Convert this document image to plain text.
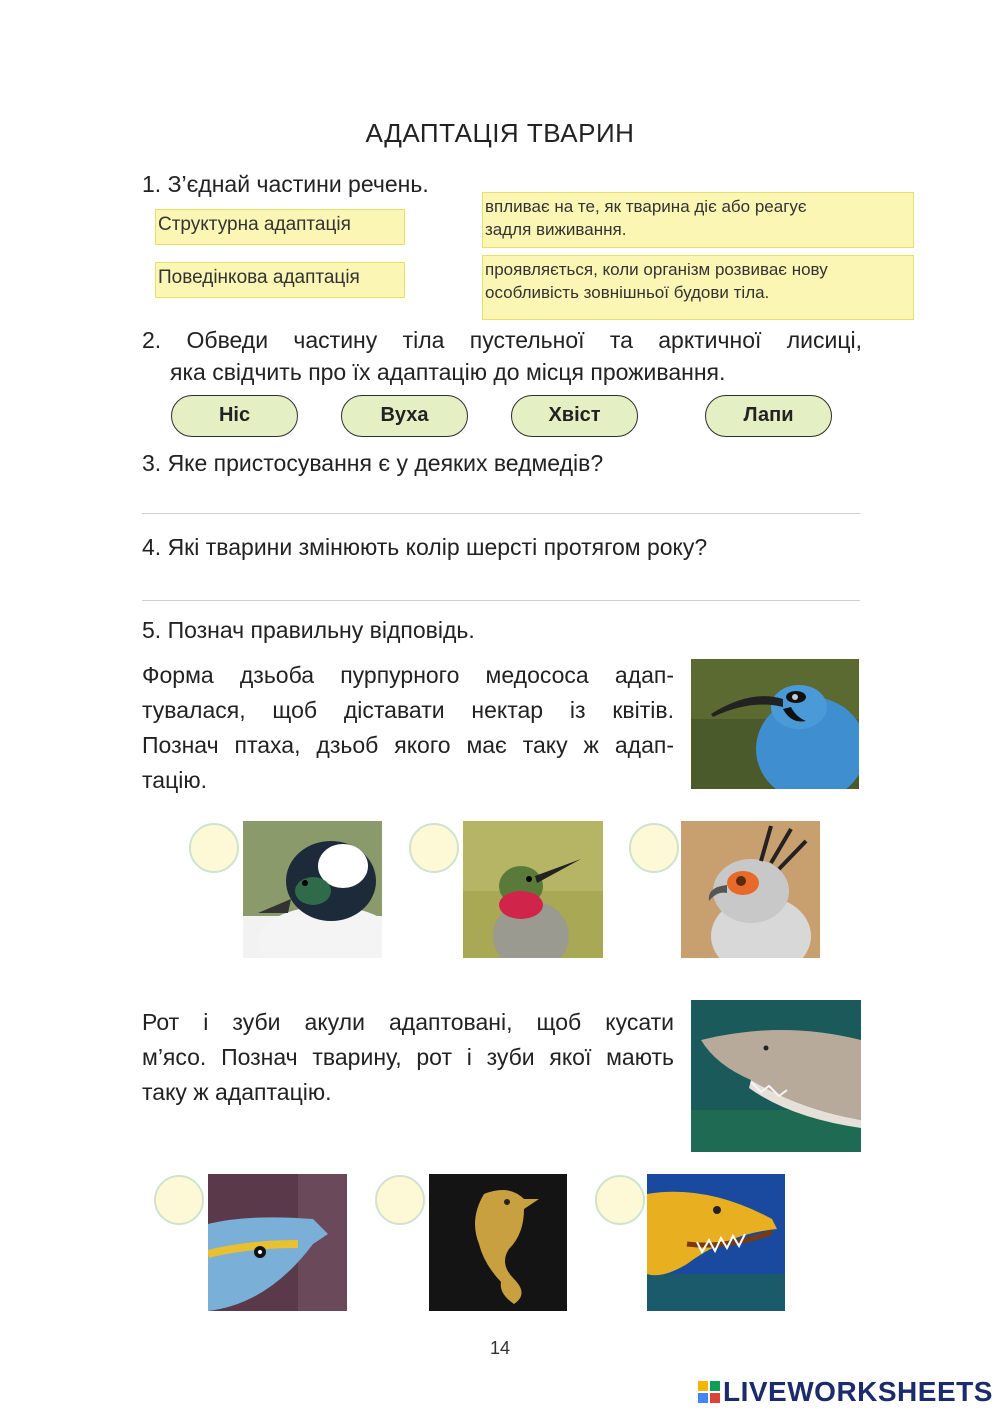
АДАПТАЦІЯ ТВАРИН
1. З’єднай частини речень.
Структурна адаптація
Поведінкова адаптація
впливає на те, як тварина діє або реагує
задля виживання.
проявляється, коли організм розвиває нову
особливість зовнішньої будови тіла.
2. Обведи частину тіла пустельної та арктичної лисиці,
яка свідчить про їх адаптацію до місця проживання.
Ніс	Вуха	Хвіст	Лапи
3. Яке пристосування є у деяких ведмедів?
4. Які тварини змінюють колір шерсті протягом року?
5. Познач правильну відповідь.
Форма дзьоба пурпурного медососа адап-
тувалася, щоб діставати нектар із квітів.
Познач птаха, дзьоб якого має таку ж адап-
тацію.
Рот і зуби акули адаптовані, щоб кусати
м’ясо. Познач тварину, рот і зуби якої мають
таку ж адаптацію.
14
LIVEWORKSHEETS
